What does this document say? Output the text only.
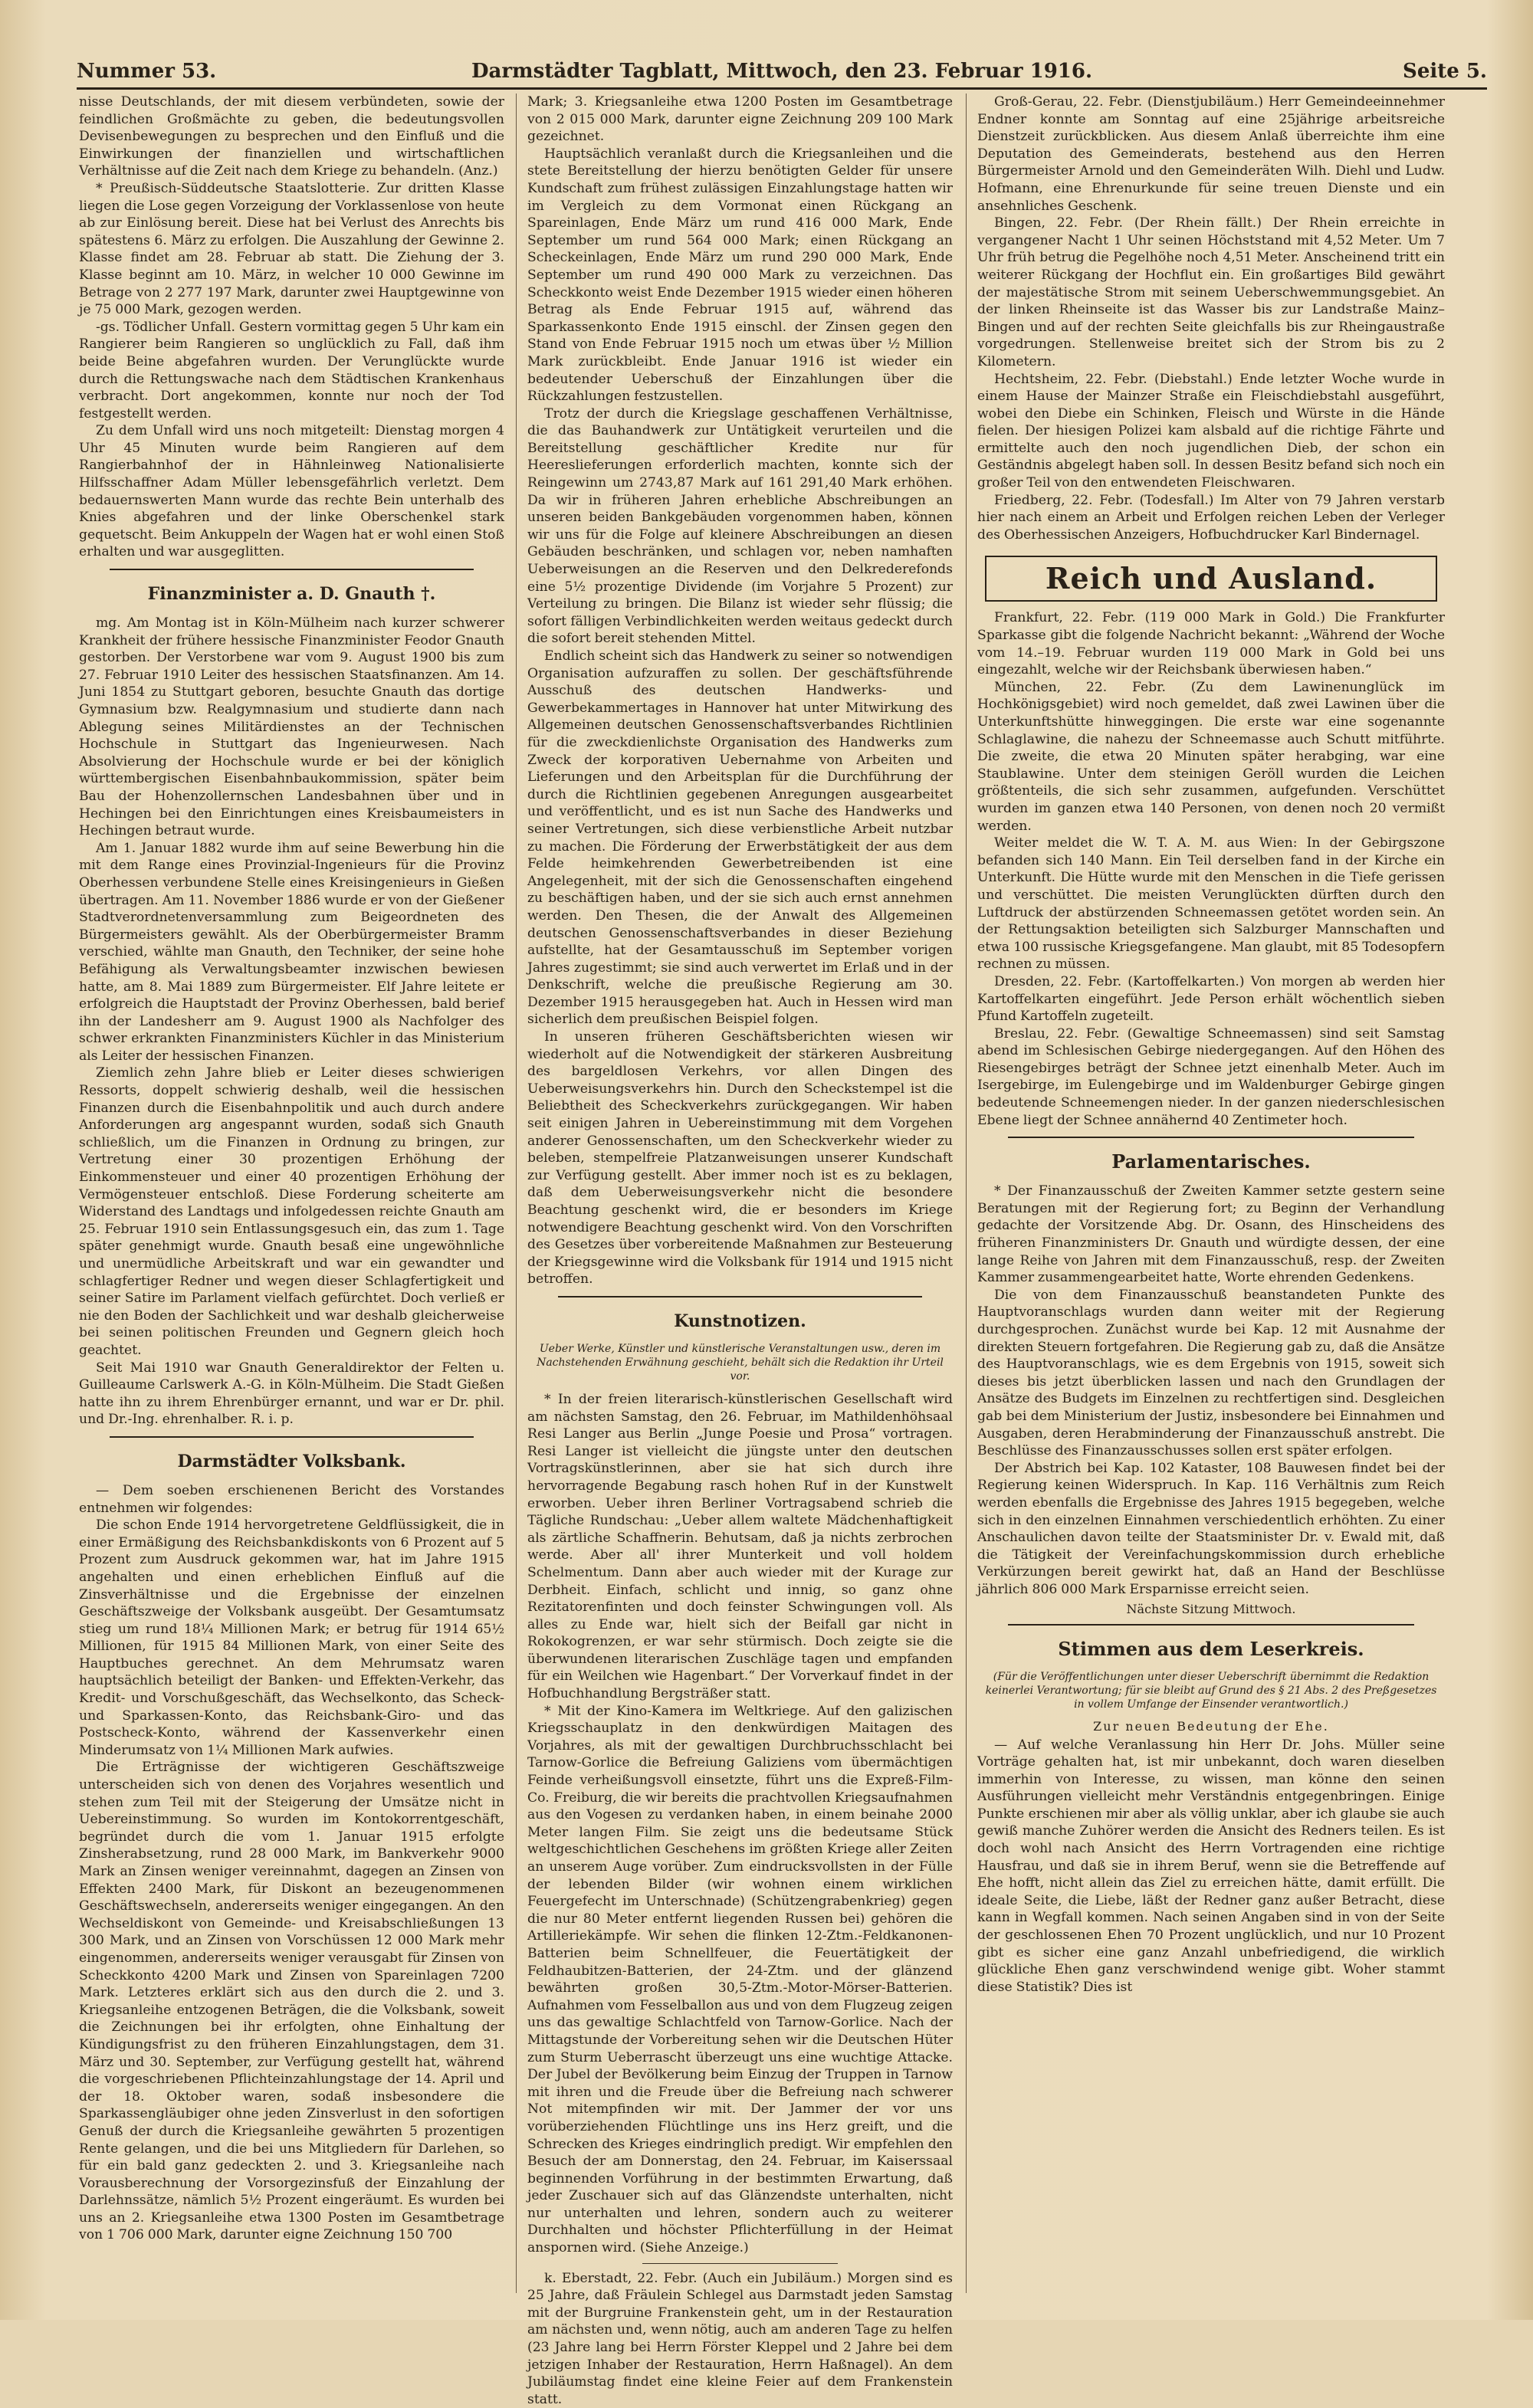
Nummer 53.	Darmstädter Tagblatt, Mittwoch, den 23. Februar 1916.	Seite 5.

nisse Deutschlands, der mit diesem verbündeten, sowie der feindlichen Großmächte zu geben, die bedeutungsvollen Devisenbewegungen zu besprechen und den Einfluß und die Einwirkungen der finanziellen und wirtschaftlichen Verhältnisse auf die Zeit nach dem Kriege zu behandeln. (Anz.)

* Preußisch-Süddeutsche Staatslotterie. Zur dritten Klasse liegen die Lose gegen Vorzeigung der Vorklassenlose von heute ab zur Einlösung bereit. Diese hat bei Verlust des Anrechts bis spätestens 6. März zu erfolgen. Die Auszahlung der Gewinne 2. Klasse findet am 28. Februar ab statt. Die Ziehung der 3. Klasse beginnt am 10. März, in welcher 10 000 Gewinne im Betrage von 2 277 197 Mark, darunter zwei Hauptgewinne von je 75 000 Mark, gezogen werden.

-gs. Tödlicher Unfall. Gestern vormittag gegen 5 Uhr kam ein Rangierer beim Rangieren so unglücklich zu Fall, daß ihm beide Beine abgefahren wurden. Der Verunglückte wurde durch die Rettungswache nach dem Städtischen Krankenhaus verbracht. Dort angekommen, konnte nur noch der Tod festgestellt werden.

Zu dem Unfall wird uns noch mitgeteilt: Dienstag morgen 4 Uhr 45 Minuten wurde beim Rangieren auf dem Rangierbahnhof der in Hähnleinweg Nationalisierte Hilfsschaffner Adam Müller lebensgefährlich verletzt. Dem bedauernswerten Mann wurde das rechte Bein unterhalb des Knies abgefahren und der linke Oberschenkel stark gequetscht. Beim Ankuppeln der Wagen hat er wohl einen Stoß erhalten und war ausgeglitten.

Finanzminister a. D. Gnauth †.

mg. Am Montag ist in Köln-Mülheim nach kurzer schwerer Krankheit der frühere hessische Finanzminister Feodor Gnauth gestorben. Der Verstorbene war vom 9. August 1900 bis zum 27. Februar 1910 Leiter des hessischen Staatsfinanzen. Am 14. Juni 1854 zu Stuttgart geboren, besuchte Gnauth das dortige Gymnasium bzw. Realgymnasium und studierte dann nach Ablegung seines Militärdienstes an der Technischen Hochschule in Stuttgart das Ingenieurwesen. Nach Absolvierung der Hochschule wurde er bei der königlich württembergischen Eisenbahnbaukommission, später beim Bau der Hohenzollernschen Landesbahnen über und in Hechingen bei den Einrichtungen eines Kreisbaumeisters in Hechingen betraut wurde.

Am 1. Januar 1882 wurde ihm auf seine Bewerbung hin die mit dem Range eines Provinzial-Ingenieurs für die Provinz Oberhessen verbundene Stelle eines Kreisingenieurs in Gießen übertragen. Am 11. November 1886 wurde er von der Gießener Stadtverordnetenversammlung zum Beigeordneten des Bürgermeisters gewählt. Als der Oberbürgermeister Bramm verschied, wählte man Gnauth, den Techniker, der seine hohe Befähigung als Verwaltungsbeamter inzwischen bewiesen hatte, am 8. Mai 1889 zum Bürgermeister. Elf Jahre leitete er erfolgreich die Hauptstadt der Provinz Oberhessen, bald berief ihn der Landesherr am 9. August 1900 als Nachfolger des schwer erkrankten Finanzministers Küchler in das Ministerium als Leiter der hessischen Finanzen.

Ziemlich zehn Jahre blieb er Leiter dieses schwierigen Ressorts, doppelt schwierig deshalb, weil die hessischen Finanzen durch die Eisenbahnpolitik und auch durch andere Anforderungen arg angespannt wurden, sodaß sich Gnauth schließlich, um die Finanzen in Ordnung zu bringen, zur Vertretung einer 30 prozentigen Erhöhung der Einkommensteuer und einer 40 prozentigen Erhöhung der Vermögensteuer entschloß. Diese Forderung scheiterte am Widerstand des Landtags und infolgedessen reichte Gnauth am 25. Februar 1910 sein Entlassungsgesuch ein, das zum 1. Tage später genehmigt wurde. Gnauth besaß eine ungewöhnliche und unermüdliche Arbeitskraft und war ein gewandter und schlagfertiger Redner und wegen dieser Schlagfertigkeit und seiner Satire im Parlament vielfach gefürchtet. Doch verließ er nie den Boden der Sachlichkeit und war deshalb gleicherweise bei seinen politischen Freunden und Gegnern gleich hoch geachtet.

Seit Mai 1910 war Gnauth Generaldirektor der Felten u. Guilleaume Carlswerk A.-G. in Köln-Mülheim. Die Stadt Gießen hatte ihn zu ihrem Ehrenbürger ernannt, und war er Dr. phil. und Dr.-Ing. ehrenhalber. R. i. p.

Darmstädter Volksbank.

— Dem soeben erschienenen Bericht des Vorstandes entnehmen wir folgendes:

Die schon Ende 1914 hervorgetretene Geldflüssigkeit, die in einer Ermäßigung des Reichsbankdiskonts von 6 Prozent auf 5 Prozent zum Ausdruck gekommen war, hat im Jahre 1915 angehalten und einen erheblichen Einfluß auf die Zinsverhältnisse und die Ergebnisse der einzelnen Geschäftszweige der Volksbank ausgeübt. Der Gesamtumsatz stieg um rund 18¼ Millionen Mark; er betrug für 1914 65½ Millionen, für 1915 84 Millionen Mark, von einer Seite des Hauptbuches gerechnet. An dem Mehrumsatz waren hauptsächlich beteiligt der Banken- und Effekten-Verkehr, das Kredit- und Vorschußgeschäft, das Wechselkonto, das Scheck- und Sparkassen-Konto, das Reichsbank-Giro- und das Postscheck-Konto, während der Kassenverkehr einen Minderumsatz von 1¼ Millionen Mark aufwies.

Die Erträgnisse der wichtigeren Geschäftszweige unterscheiden sich von denen des Vorjahres wesentlich und stehen zum Teil mit der Steigerung der Umsätze nicht in Uebereinstimmung. So wurden im Kontokorrentgeschäft, begründet durch die vom 1. Januar 1915 erfolgte Zinsherabsetzung, rund 28 000 Mark, im Bankverkehr 9000 Mark an Zinsen weniger vereinnahmt, dagegen an Zinsen von Effekten 2400 Mark, für Diskont an bezeugenommenen Geschäftswechseln, andererseits weniger eingegangen. An den Wechseldiskont von Gemeinde- und Kreisabschließungen 13 300 Mark, und an Zinsen von Vorschüssen 12 000 Mark mehr eingenommen, andererseits weniger verausgabt für Zinsen von Scheckkonto 4200 Mark und Zinsen von Spareinlagen 7200 Mark. Letzteres erklärt sich aus den durch die 2. und 3. Kriegsanleihe entzogenen Beträgen, die die Volksbank, soweit die Zeichnungen bei ihr erfolgten, ohne Einhaltung der Kündigungsfrist zu den früheren Einzahlungstagen, dem 31. März und 30. September, zur Verfügung gestellt hat, während die vorgeschriebenen Pflichteinzahlungstage der 14. April und der 18. Oktober waren, sodaß insbesondere die Sparkassengläubiger ohne jeden Zinsverlust in den sofortigen Genuß der durch die Kriegsanleihe gewährten 5 prozentigen Rente gelangen, und die bei uns Mitgliedern für Darlehen, so für ein bald ganz gedeckten 2. und 3. Kriegsanleihe nach Vorausberechnung der Vorsorgezinsfuß der Einzahlung der Darlehnssätze, nämlich 5½ Prozent eingeräumt. Es wurden bei uns an 2. Kriegsanleihe etwa 1300 Posten im Gesamtbetrage von 1 706 000 Mark, darunter eigne Zeichnung 150 700

Mark; 3. Kriegsanleihe etwa 1200 Posten im Gesamtbetrage von 2 015 000 Mark, darunter eigne Zeichnung 209 100 Mark gezeichnet.

Hauptsächlich veranlaßt durch die Kriegsanleihen und die stete Bereitstellung der hierzu benötigten Gelder für unsere Kundschaft zum frühest zulässigen Einzahlungstage hatten wir im Vergleich zu dem Vormonat einen Rückgang an Spareinlagen, Ende März um rund 416 000 Mark, Ende September um rund 564 000 Mark; einen Rückgang an Scheckeinlagen, Ende März um rund 290 000 Mark, Ende September um rund 490 000 Mark zu verzeichnen. Das Scheckkonto weist Ende Dezember 1915 wieder einen höheren Betrag als Ende Februar 1915 auf, während das Sparkassenkonto Ende 1915 einschl. der Zinsen gegen den Stand von Ende Februar 1915 noch um etwas über ½ Million Mark zurückbleibt. Ende Januar 1916 ist wieder ein bedeutender Ueberschuß der Einzahlungen über die Rückzahlungen festzustellen.

Trotz der durch die Kriegslage geschaffenen Verhältnisse, die das Bauhandwerk zur Untätigkeit verurteilen und die Bereitstellung geschäftlicher Kredite nur für Heereslieferungen erforderlich machten, konnte sich der Reingewinn um 2743,87 Mark auf 161 291,40 Mark erhöhen. Da wir in früheren Jahren erhebliche Abschreibungen an unseren beiden Bankgebäuden vorgenommen haben, können wir uns für die Folge auf kleinere Abschreibungen an diesen Gebäuden beschränken, und schlagen vor, neben namhaften Ueberweisungen an die Reserven und den Delkrederefonds eine 5½ prozentige Dividende (im Vorjahre 5 Prozent) zur Verteilung zu bringen. Die Bilanz ist wieder sehr flüssig; die sofort fälligen Verbindlichkeiten werden weitaus gedeckt durch die sofort bereit stehenden Mittel.

Endlich scheint sich das Handwerk zu seiner so notwendigen Organisation aufzuraffen zu sollen. Der geschäftsführende Ausschuß des deutschen Handwerks- und Gewerbekammertages in Hannover hat unter Mitwirkung des Allgemeinen deutschen Genossenschaftsverbandes Richtlinien für die zweckdienlichste Organisation des Handwerks zum Zweck der korporativen Uebernahme von Arbeiten und Lieferungen und den Arbeitsplan für die Durchführung der durch die Richtlinien gegebenen Anregungen ausgearbeitet und veröffentlicht, und es ist nun Sache des Handwerks und seiner Vertretungen, sich diese verbienstliche Arbeit nutzbar zu machen. Die Förderung der Erwerbstätigkeit der aus dem Felde heimkehrenden Gewerbetreibenden ist eine Angelegenheit, mit der sich die Genossenschaften eingehend zu beschäftigen haben, und der sie sich auch ernst annehmen werden. Den Thesen, die der Anwalt des Allgemeinen deutschen Genossenschaftsverbandes in dieser Beziehung aufstellte, hat der Gesamtausschuß im September vorigen Jahres zugestimmt; sie sind auch verwertet im Erlaß und in der Denkschrift, welche die preußische Regierung am 30. Dezember 1915 herausgegeben hat. Auch in Hessen wird man sicherlich dem preußischen Beispiel folgen.

In unseren früheren Geschäftsberichten wiesen wir wiederholt auf die Notwendigkeit der stärkeren Ausbreitung des bargeldlosen Verkehrs, vor allen Dingen des Ueberweisungsverkehrs hin. Durch den Scheckstempel ist die Beliebtheit des Scheckverkehrs zurückgegangen. Wir haben seit einigen Jahren in Uebereinstimmung mit dem Vorgehen anderer Genossenschaften, um den Scheckverkehr wieder zu beleben, stempelfreie Platzanweisungen unserer Kundschaft zur Verfügung gestellt. Aber immer noch ist es zu beklagen, daß dem Ueberweisungsverkehr nicht die besondere Beachtung geschenkt wird, die er besonders im Kriege notwendigere Beachtung geschenkt wird. Von den Vorschriften des Gesetzes über vorbereitende Maßnahmen zur Besteuerung der Kriegsgewinne wird die Volksbank für 1914 und 1915 nicht betroffen.

Kunstnotizen.
Ueber Werke, Künstler und künstlerische Veranstaltungen usw., deren im Nachstehenden Erwähnung geschieht, behält sich die Redaktion ihr Urteil vor.

* In der freien literarisch-künstlerischen Gesellschaft wird am nächsten Samstag, den 26. Februar, im Mathildenhöhsaal Resi Langer aus Berlin „Junge Poesie und Prosa“ vortragen. Resi Langer ist vielleicht die jüngste unter den deutschen Vortragskünstlerinnen, aber sie hat sich durch ihre hervorragende Begabung rasch hohen Ruf in der Kunstwelt erworben. Ueber ihren Berliner Vortragsabend schrieb die Tägliche Rundschau: „Ueber allem waltete Mädchenhaftigkeit als zärtliche Schaffnerin. Behutsam, daß ja nichts zerbrochen werde. Aber all' ihrer Munterkeit und voll holdem Schelmentum. Dann aber auch wieder mit der Kurage zur Derbheit. Einfach, schlicht und innig, so ganz ohne Rezitatorenfinten und doch feinster Schwingungen voll. Als alles zu Ende war, hielt sich der Beifall gar nicht in Rokokogrenzen, er war sehr stürmisch. Doch zeigte sie die überwundenen literarischen Zuschläge tagen und empfanden für ein Weilchen wie Hagenbart.“ Der Vorverkauf findet in der Hofbuchhandlung Bergsträßer statt.

* Mit der Kino-Kamera im Weltkriege. Auf den galizischen Kriegsschauplatz in den denkwürdigen Maitagen des Vorjahres, als mit der gewaltigen Durchbruchsschlacht bei Tarnow-Gorlice die Befreiung Galiziens vom übermächtigen Feinde verheißungsvoll einsetzte, führt uns die Expreß-Film-Co. Freiburg, die wir bereits die prachtvollen Kriegsaufnahmen aus den Vogesen zu verdanken haben, in einem beinahe 2000 Meter langen Film. Sie zeigt uns die bedeutsame Stück weltgeschichtlichen Geschehens im größten Kriege aller Zeiten an unserem Auge vorüber. Zum eindrucksvollsten in der Fülle der lebenden Bilder (wir wohnen einem wirklichen Feuergefecht im Unterschnade) (Schützengrabenkrieg) gegen die nur 80 Meter entfernt liegenden Russen bei) gehören die Artilleriekämpfe. Wir sehen die flinken 12-Ztm.-Feldkanonen-Batterien beim Schnellfeuer, die Feuertätigkeit der Feldhaubitzen-Batterien, der 24-Ztm. und der glänzend bewährten großen 30,5-Ztm.-Motor-Mörser-Batterien. Aufnahmen vom Fesselballon aus und von dem Flugzeug zeigen uns das gewaltige Schlachtfeld von Tarnow-Gorlice. Nach der Mittagstunde der Vorbereitung sehen wir die Deutschen Hüter zum Sturm Ueberrascht überzeugt uns eine wuchtige Attacke. Der Jubel der Bevölkerung beim Einzug der Truppen in Tarnow mit ihren und die Freude über die Befreiung nach schwerer Not mitempfinden wir mit. Der Jammer der vor uns vorüberziehenden Flüchtlinge uns ins Herz greift, und die Schrecken des Krieges eindringlich predigt. Wir empfehlen den Besuch der am Donnerstag, den 24. Februar, im Kaiserssaal beginnenden Vorführung in der bestimmten Erwartung, daß jeder Zuschauer sich auf das Glänzendste unterhalten, nicht nur unterhalten und lehren, sondern auch zu weiterer Durchhalten und höchster Pflichterfüllung in der Heimat anspornen wird. (Siehe Anzeige.)

k. Eberstadt, 22. Febr. (Auch ein Jubiläum.) Morgen sind es 25 Jahre, daß Fräulein Schlegel aus Darmstadt jeden Samstag mit der Burgruine Frankenstein geht, um in der Restauration am nächsten und, wenn nötig, auch am anderen Tage zu helfen (23 Jahre lang bei Herrn Förster Kleppel und 2 Jahre bei dem jetzigen Inhaber der Restauration, Herrn Haßnagel). An dem Jubiläumstag findet eine kleine Feier auf dem Frankenstein statt.

Groß-Gerau, 22. Febr. (Dienstjubiläum.) Herr Gemeindeeinnehmer Endner konnte am Sonntag auf eine 25jährige arbeitsreiche Dienstzeit zurückblicken. Aus diesem Anlaß überreichte ihm eine Deputation des Gemeinderats, bestehend aus den Herren Bürgermeister Arnold und den Gemeinderäten Wilh. Diehl und Ludw. Hofmann, eine Ehrenurkunde für seine treuen Dienste und ein ansehnliches Geschenk.

Bingen, 22. Febr. (Der Rhein fällt.) Der Rhein erreichte in vergangener Nacht 1 Uhr seinen Höchststand mit 4,52 Meter. Um 7 Uhr früh betrug die Pegelhöhe noch 4,51 Meter. Anscheinend tritt ein weiterer Rückgang der Hochflut ein. Ein großartiges Bild gewährt der majestätische Strom mit seinem Ueberschwemmungsgebiet. An der linken Rheinseite ist das Wasser bis zur Landstraße Mainz–Bingen und auf der rechten Seite gleichfalls bis zur Rheingaustraße vorgedrungen. Stellenweise breitet sich der Strom bis zu 2 Kilometern.

Hechtsheim, 22. Febr. (Diebstahl.) Ende letzter Woche wurde in einem Hause der Mainzer Straße ein Fleischdiebstahl ausgeführt, wobei den Diebe ein Schinken, Fleisch und Würste in die Hände fielen. Der hiesigen Polizei kam alsbald auf die richtige Fährte und ermittelte auch den noch jugendlichen Dieb, der schon ein Geständnis abgelegt haben soll. In dessen Besitz befand sich noch ein großer Teil von den entwendeten Fleischwaren.

Friedberg, 22. Febr. (Todesfall.) Im Alter von 79 Jahren verstarb hier nach einem an Arbeit und Erfolgen reichen Leben der Verleger des Oberhessischen Anzeigers, Hofbuchdrucker Karl Bindernagel.

Reich und Ausland.

Frankfurt, 22. Febr. (119 000 Mark in Gold.) Die Frankfurter Sparkasse gibt die folgende Nachricht bekannt: „Während der Woche vom 14.–19. Februar wurden 119 000 Mark in Gold bei uns eingezahlt, welche wir der Reichsbank überwiesen haben.“

München, 22. Febr. (Zu dem Lawinenunglück im Hochkönigsgebiet) wird noch gemeldet, daß zwei Lawinen über die Unterkunftshütte hinweggingen. Die erste war eine sogenannte Schlaglawine, die nahezu der Schneemasse auch Schutt mitführte. Die zweite, die etwa 20 Minuten später herabging, war eine Staublawine. Unter dem steinigen Geröll wurden die Leichen größtenteils, die sich sehr zusammen, aufgefunden. Verschüttet wurden im ganzen etwa 140 Personen, von denen noch 20 vermißt werden.

Weiter meldet die W. T. A. M. aus Wien: In der Gebirgszone befanden sich 140 Mann. Ein Teil derselben fand in der Kirche ein Unterkunft. Die Hütte wurde mit den Menschen in die Tiefe gerissen und verschüttet. Die meisten Verunglückten dürften durch den Luftdruck der abstürzenden Schneemassen getötet worden sein. An der Rettungsaktion beteiligten sich Salzburger Mannschaften und etwa 100 russische Kriegsgefangene. Man glaubt, mit 85 Todesopfern rechnen zu müssen.

Dresden, 22. Febr. (Kartoffelkarten.) Von morgen ab werden hier Kartoffelkarten eingeführt. Jede Person erhält wöchentlich sieben Pfund Kartoffeln zugeteilt.

Breslau, 22. Febr. (Gewaltige Schneemassen) sind seit Samstag abend im Schlesischen Gebirge niedergegangen. Auf den Höhen des Riesengebirges beträgt der Schnee jetzt einenhalb Meter. Auch im Isergebirge, im Eulengebirge und im Waldenburger Gebirge gingen bedeutende Schneemengen nieder. In der ganzen niederschlesischen Ebene liegt der Schnee annähernd 40 Zentimeter hoch.

Parlamentarisches.

* Der Finanzausschuß der Zweiten Kammer setzte gestern seine Beratungen mit der Regierung fort; zu Beginn der Verhandlung gedachte der Vorsitzende Abg. Dr. Osann, des Hinscheidens des früheren Finanzministers Dr. Gnauth und würdigte dessen, der eine lange Reihe von Jahren mit dem Finanzausschuß, resp. der Zweiten Kammer zusammengearbeitet hatte, Worte ehrenden Gedenkens.

Die von dem Finanzausschuß beanstandeten Punkte des Hauptvoranschlags wurden dann weiter mit der Regierung durchgesprochen. Zunächst wurde bei Kap. 12 mit Ausnahme der direkten Steuern fortgefahren. Die Regierung gab zu, daß die Ansätze des Hauptvoranschlags, wie es dem Ergebnis von 1915, soweit sich dieses bis jetzt überblicken lassen und nach den Grundlagen der Ansätze des Budgets im Einzelnen zu rechtfertigen sind. Desgleichen gab bei dem Ministerium der Justiz, insbesondere bei Einnahmen und Ausgaben, deren Herabminderung der Finanzausschuß anstrebt. Die Beschlüsse des Finanzausschusses sollen erst später erfolgen.

Der Abstrich bei Kap. 102 Kataster, 108 Bauwesen findet bei der Regierung keinen Widerspruch. In Kap. 116 Verhältnis zum Reich werden ebenfalls die Ergebnisse des Jahres 1915 begegeben, welche sich in den einzelnen Einnahmen verschiedentlich erhöhten. Zu einer Anschaulichen davon teilte der Staatsminister Dr. v. Ewald mit, daß die Tätigkeit der Vereinfachungskommission durch erhebliche Verkürzungen bereit gewirkt hat, daß an Hand der Beschlüsse jährlich 806 000 Mark Ersparnisse erreicht seien.

Nächste Sitzung Mittwoch.
Stimmen aus dem Leserkreis.
(Für die Veröffentlichungen unter dieser Ueberschrift übernimmt die Redaktion keinerlei Verantwortung; für sie bleibt auf Grund des § 21 Abs. 2 des Preßgesetzes in vollem Umfange der Einsender verantwortlich.)
Zur neuen Bedeutung der Ehe.

— Auf welche Veranlassung hin Herr Dr. Johs. Müller seine Vorträge gehalten hat, ist mir unbekannt, doch waren dieselben immerhin von Interesse, zu wissen, man könne den seinen Ausführungen vielleicht mehr Verständnis entgegenbringen. Einige Punkte erschienen mir aber als völlig unklar, aber ich glaube sie auch gewiß manche Zuhörer werden die Ansicht des Redners teilen. Es ist doch wohl nach Ansicht des Herrn Vortragenden eine richtige Hausfrau, und daß sie in ihrem Beruf, wenn sie die Betreffende auf Ehe hofft, nicht allein das Ziel zu erreichen hätte, damit erfüllt. Die ideale Seite, die Liebe, läßt der Redner ganz außer Betracht, diese kann in Wegfall kommen. Nach seinen Angaben sind in von der Seite der geschlossenen Ehen 70 Prozent unglücklich, und nur 10 Prozent gibt es sicher eine ganz Anzahl unbefriedigend, die wirklich glückliche Ehen ganz verschwindend wenige gibt. Woher stammt diese Statistik? Dies ist
